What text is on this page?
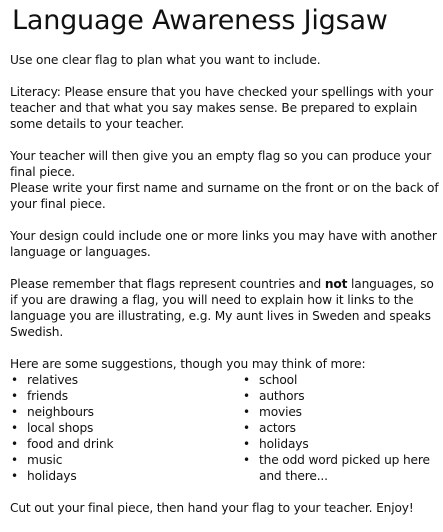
Language Awareness Jigsaw

Use one clear flag to plan what you want to include.

Literacy: Please ensure that you have checked your spellings with your teacher and that what you say makes sense. Be prepared to explain some details to your teacher.

Your teacher will then give you an empty flag so you can produce your final piece.

Please write your first name and surname on the front or on the back of your final piece.

Your design could include one or more links you may have with another language or languages.

Please remember that flags represent countries and not languages, so if you are drawing a flag, you will need to explain how it links to the language you are illustrating, e.g. My aunt lives in Sweden and speaks Swedish.

Here are some suggestions, though you may think of more:

• relatives
• friends
• neighbours
• local shops
• food and drink
• music
• holidays
• school
• authors
• movies
• actors
• holidays
• the odd word picked up here and there...

Cut out your final piece, then hand your flag to your teacher. Enjoy!
